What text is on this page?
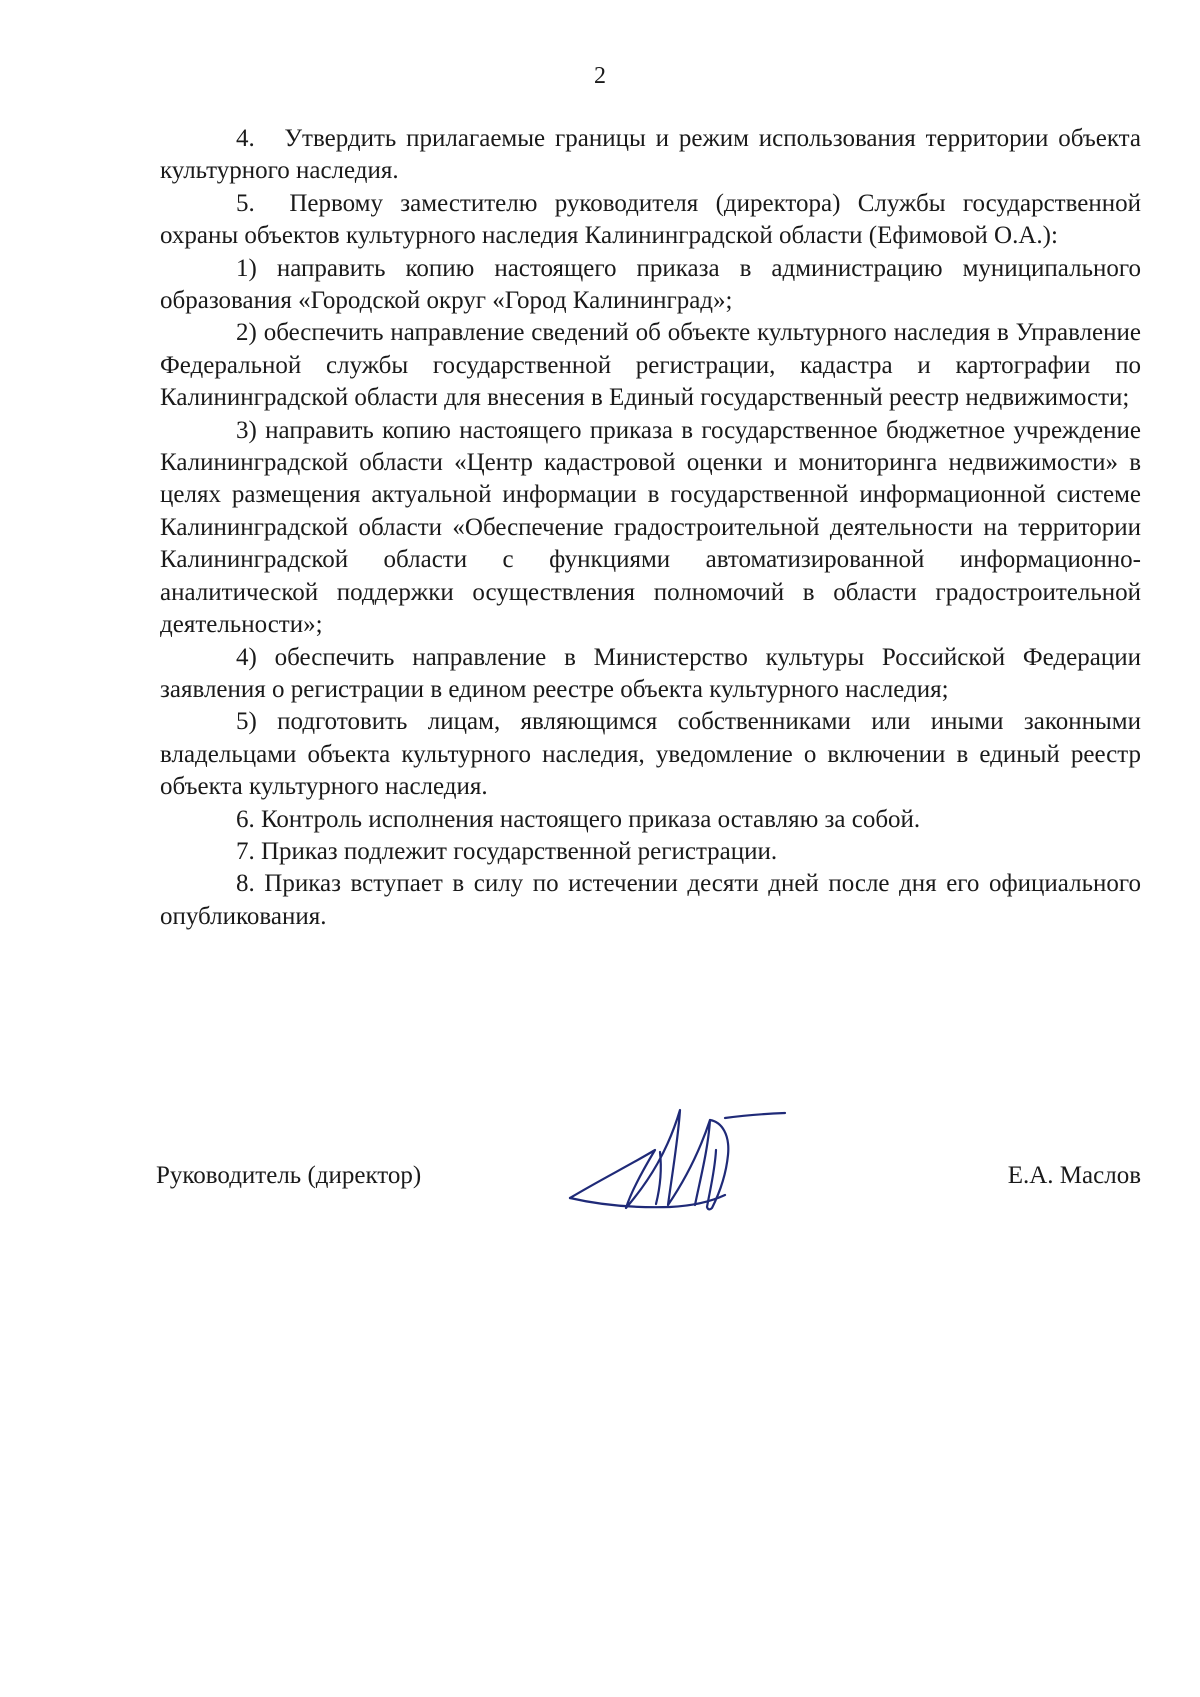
2

4.   Утвердить прилагаемые границы и режим использования территории объекта культурного наследия.

5.  Первому заместителю руководителя (директора) Службы государственной охраны объектов культурного наследия Калининградской области (Ефимовой О.А.):

1) направить копию настоящего приказа в администрацию муниципального образования «Городской округ «Город Калининград»;

2) обеспечить направление сведений об объекте культурного наследия в Управление Федеральной службы государственной регистрации, кадастра и картографии по Калининградской области для внесения в Единый государственный реестр недвижимости;

3) направить копию настоящего приказа в государственное бюджетное учреждение Калининградской области «Центр кадастровой оценки и мониторинга недвижимости» в целях размещения актуальной информации в государственной информационной системе Калининградской области «Обеспечение градостроительной деятельности на территории Калининградской области с функциями автоматизированной информационно-аналитической поддержки осуществления полномочий в области градостроительной деятельности»;

4) обеспечить направление в Министерство культуры Российской Федерации заявления о регистрации в едином реестре объекта культурного наследия;

5) подготовить лицам, являющимся собственниками или иными законными владельцами объекта культурного наследия, уведомление о включении в единый реестр объекта культурного наследия.

6. Контроль исполнения настоящего приказа оставляю за собой.

7. Приказ подлежит государственной регистрации.

8. Приказ вступает в силу по истечении десяти дней после дня его официального опубликования.

Руководитель (директор)	Е.А. Маслов
